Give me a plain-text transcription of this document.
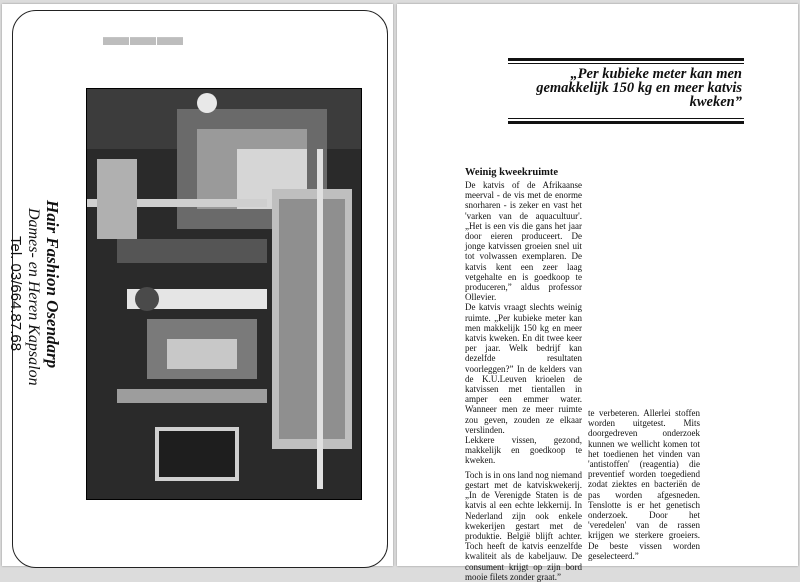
▬▬▬
Hair Fashion Osendarp
Dames- en Heren Kapsalon
Tel. 03/664.87.68
„Per kubieke meter kan men gemakkelijk 150 kg en meer katvis kweken”

Weinig kweekruimte

De katvis of de Afrikaanse meerval - de vis met de enorme snorharen - is zeker en vast het 'varken van de aquacultuur'. „Het is een vis die gans het jaar door eieren produceert. De jonge katvissen groeien snel uit tot volwassen exemplaren. De katvis kent een zeer laag vetgehalte en is goedkoop te produceren,” aldus professor Ollevier.

De katvis vraagt slechts weinig ruimte. „Per kubieke meter kan men makkelijk 150 kg en meer katvis kweken. En dit twee keer per jaar. Welk bedrijf kan dezelfde resultaten voorleggen?” In de kelders van de K.U.Leuven krioelen de katvissen met tientallen in amper een emmer water. Wanneer men ze meer ruimte zou geven, zouden ze elkaar verslinden.

Lekkere vissen, gezond, makkelijk en goedkoop te kweken.

Toch is in ons land nog niemand gestart met de katviskwekerij. „In de Verenigde Staten is de katvis al een echte lekkernij. In Nederland zijn ook enkele kwekerijen gestart met de produktie. België blijft achter. Toch heeft de katvis eenzelfde kwaliteit als de kabeljauw. De consument krijgt op zijn bord mooie filets zonder graat.”

te verbeteren. Allerlei stoffen worden uitgetest. Mits doorgedreven onderzoek kunnen we wellicht komen tot het toedienen het vinden van 'antistoffen' (reagentia) die preventief worden toegediend zodat ziektes en bacteriën de pas worden afgesneden. Tenslotte is er het genetisch onderzoek. Door het 'veredelen' van de rassen krijgen we sterkere groeiers. De beste vissen worden geselecteerd.”
